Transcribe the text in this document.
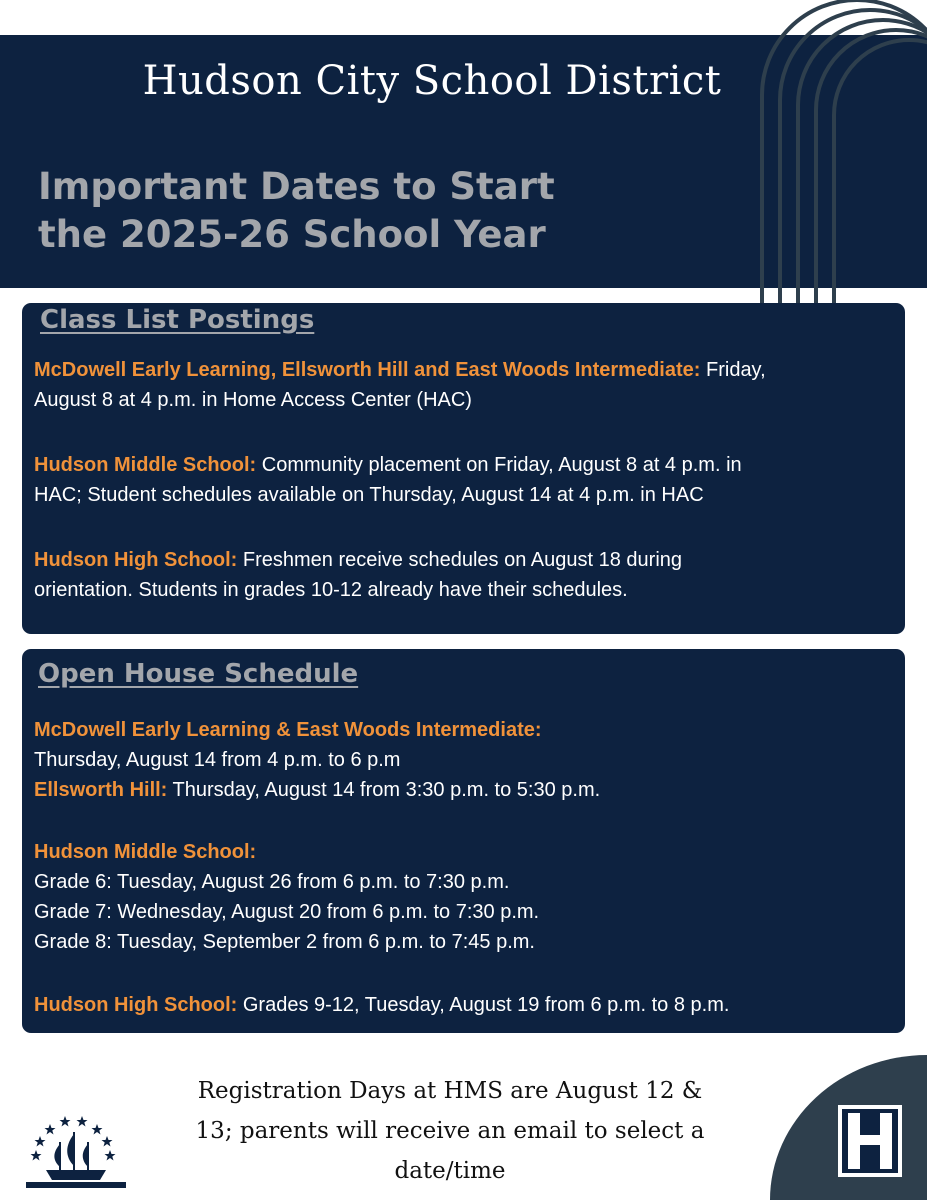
Hudson City School District
Important Dates to Start
the 2025-26 School Year
Class List Postings
McDowell Early Learning, Ellsworth Hill and East Woods Intermediate: Friday,
August 8 at 4 p.m. in Home Access Center (HAC)
Hudson Middle School: Community placement on Friday, August 8 at 4 p.m. in
HAC; Student schedules available on Thursday, August 14 at 4 p.m. in HAC
Hudson High School: Freshmen receive schedules on August 18 during
orientation. Students in grades 10-12 already have their schedules.
Open House Schedule
McDowell Early Learning & East Woods Intermediate:
Thursday, August 14 from 4 p.m. to 6 p.m
Ellsworth Hill: Thursday, August 14 from 3:30 p.m. to 5:30 p.m.
Hudson Middle School:
Grade 6: Tuesday, August 26 from 6 p.m. to 7:30 p.m.
Grade 7: Wednesday, August 20 from 6 p.m. to 7:30 p.m.
Grade 8: Tuesday, September 2 from 6 p.m. to 7:45 p.m.
Hudson High School: Grades 9-12, Tuesday, August 19 from 6 p.m. to 8 p.m.
Registration Days at HMS are August 12 &
13; parents will receive an email to select a
date/time	H
